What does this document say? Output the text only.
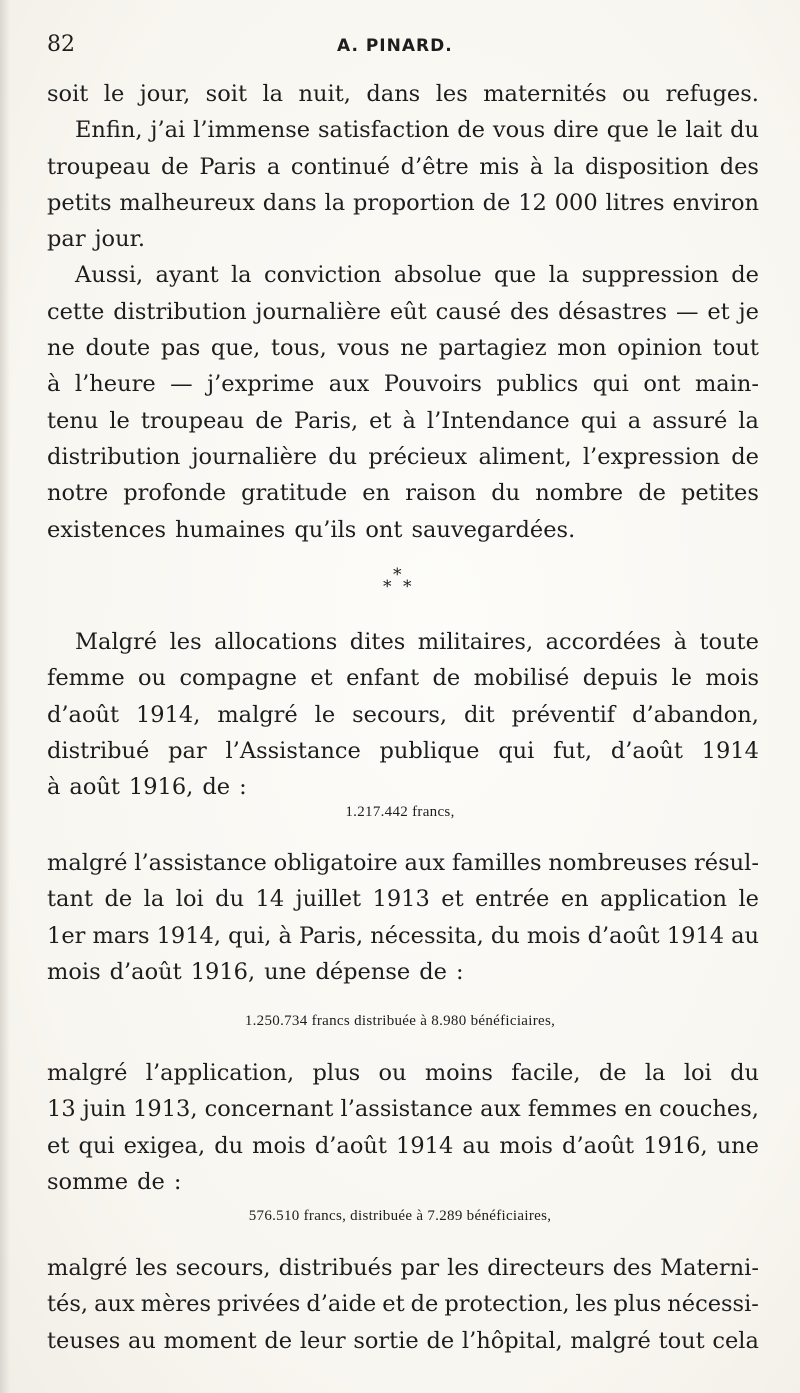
82	A. PINARD.
soit le jour, soit la nuit, dans les maternités ou refuges.
Enfin, j’ai l’immense satisfaction de vous dire que le lait du
troupeau de Paris a continué d’être mis à la disposition des
petits malheureux dans la proportion de 12 000 litres environ
par jour.
Aussi, ayant la conviction absolue que la suppression de
cette distribution journalière eût causé des désastres — et je
ne doute pas que, tous, vous ne partagiez mon opinion tout
à l’heure — j’exprime aux Pouvoirs publics qui ont main-
tenu le troupeau de Paris, et à l’Intendance qui a assuré la
distribution journalière du précieux aliment, l’expression de
notre profonde gratitude en raison du nombre de petites
existences humaines qu’ils ont sauvegardées.
*
* *
Malgré les allocations dites militaires, accordées à toute
femme ou compagne et enfant de mobilisé depuis le mois
d’août 1914, malgré le secours, dit préventif d’abandon,
distribué par l’Assistance publique qui fut, d’août 1914
à août 1916, de :
1.217.442 francs,
malgré l’assistance obligatoire aux familles nombreuses résul-
tant de la loi du 14 juillet 1913 et entrée en application le
1er mars 1914, qui, à Paris, nécessita, du mois d’août 1914 au
mois d’août 1916, une dépense de :
1.250.734 francs distribuée à 8.980 bénéficiaires,
malgré l’application, plus ou moins facile, de la loi du
13 juin 1913, concernant l’assistance aux femmes en couches,
et qui exigea, du mois d’août 1914 au mois d’août 1916, une
somme de :
576.510 francs, distribuée à 7.289 bénéficiaires,
malgré les secours, distribués par les directeurs des Materni-
tés, aux mères privées d’aide et de protection, les plus nécessi-
teuses au moment de leur sortie de l’hôpital, malgré tout cela
